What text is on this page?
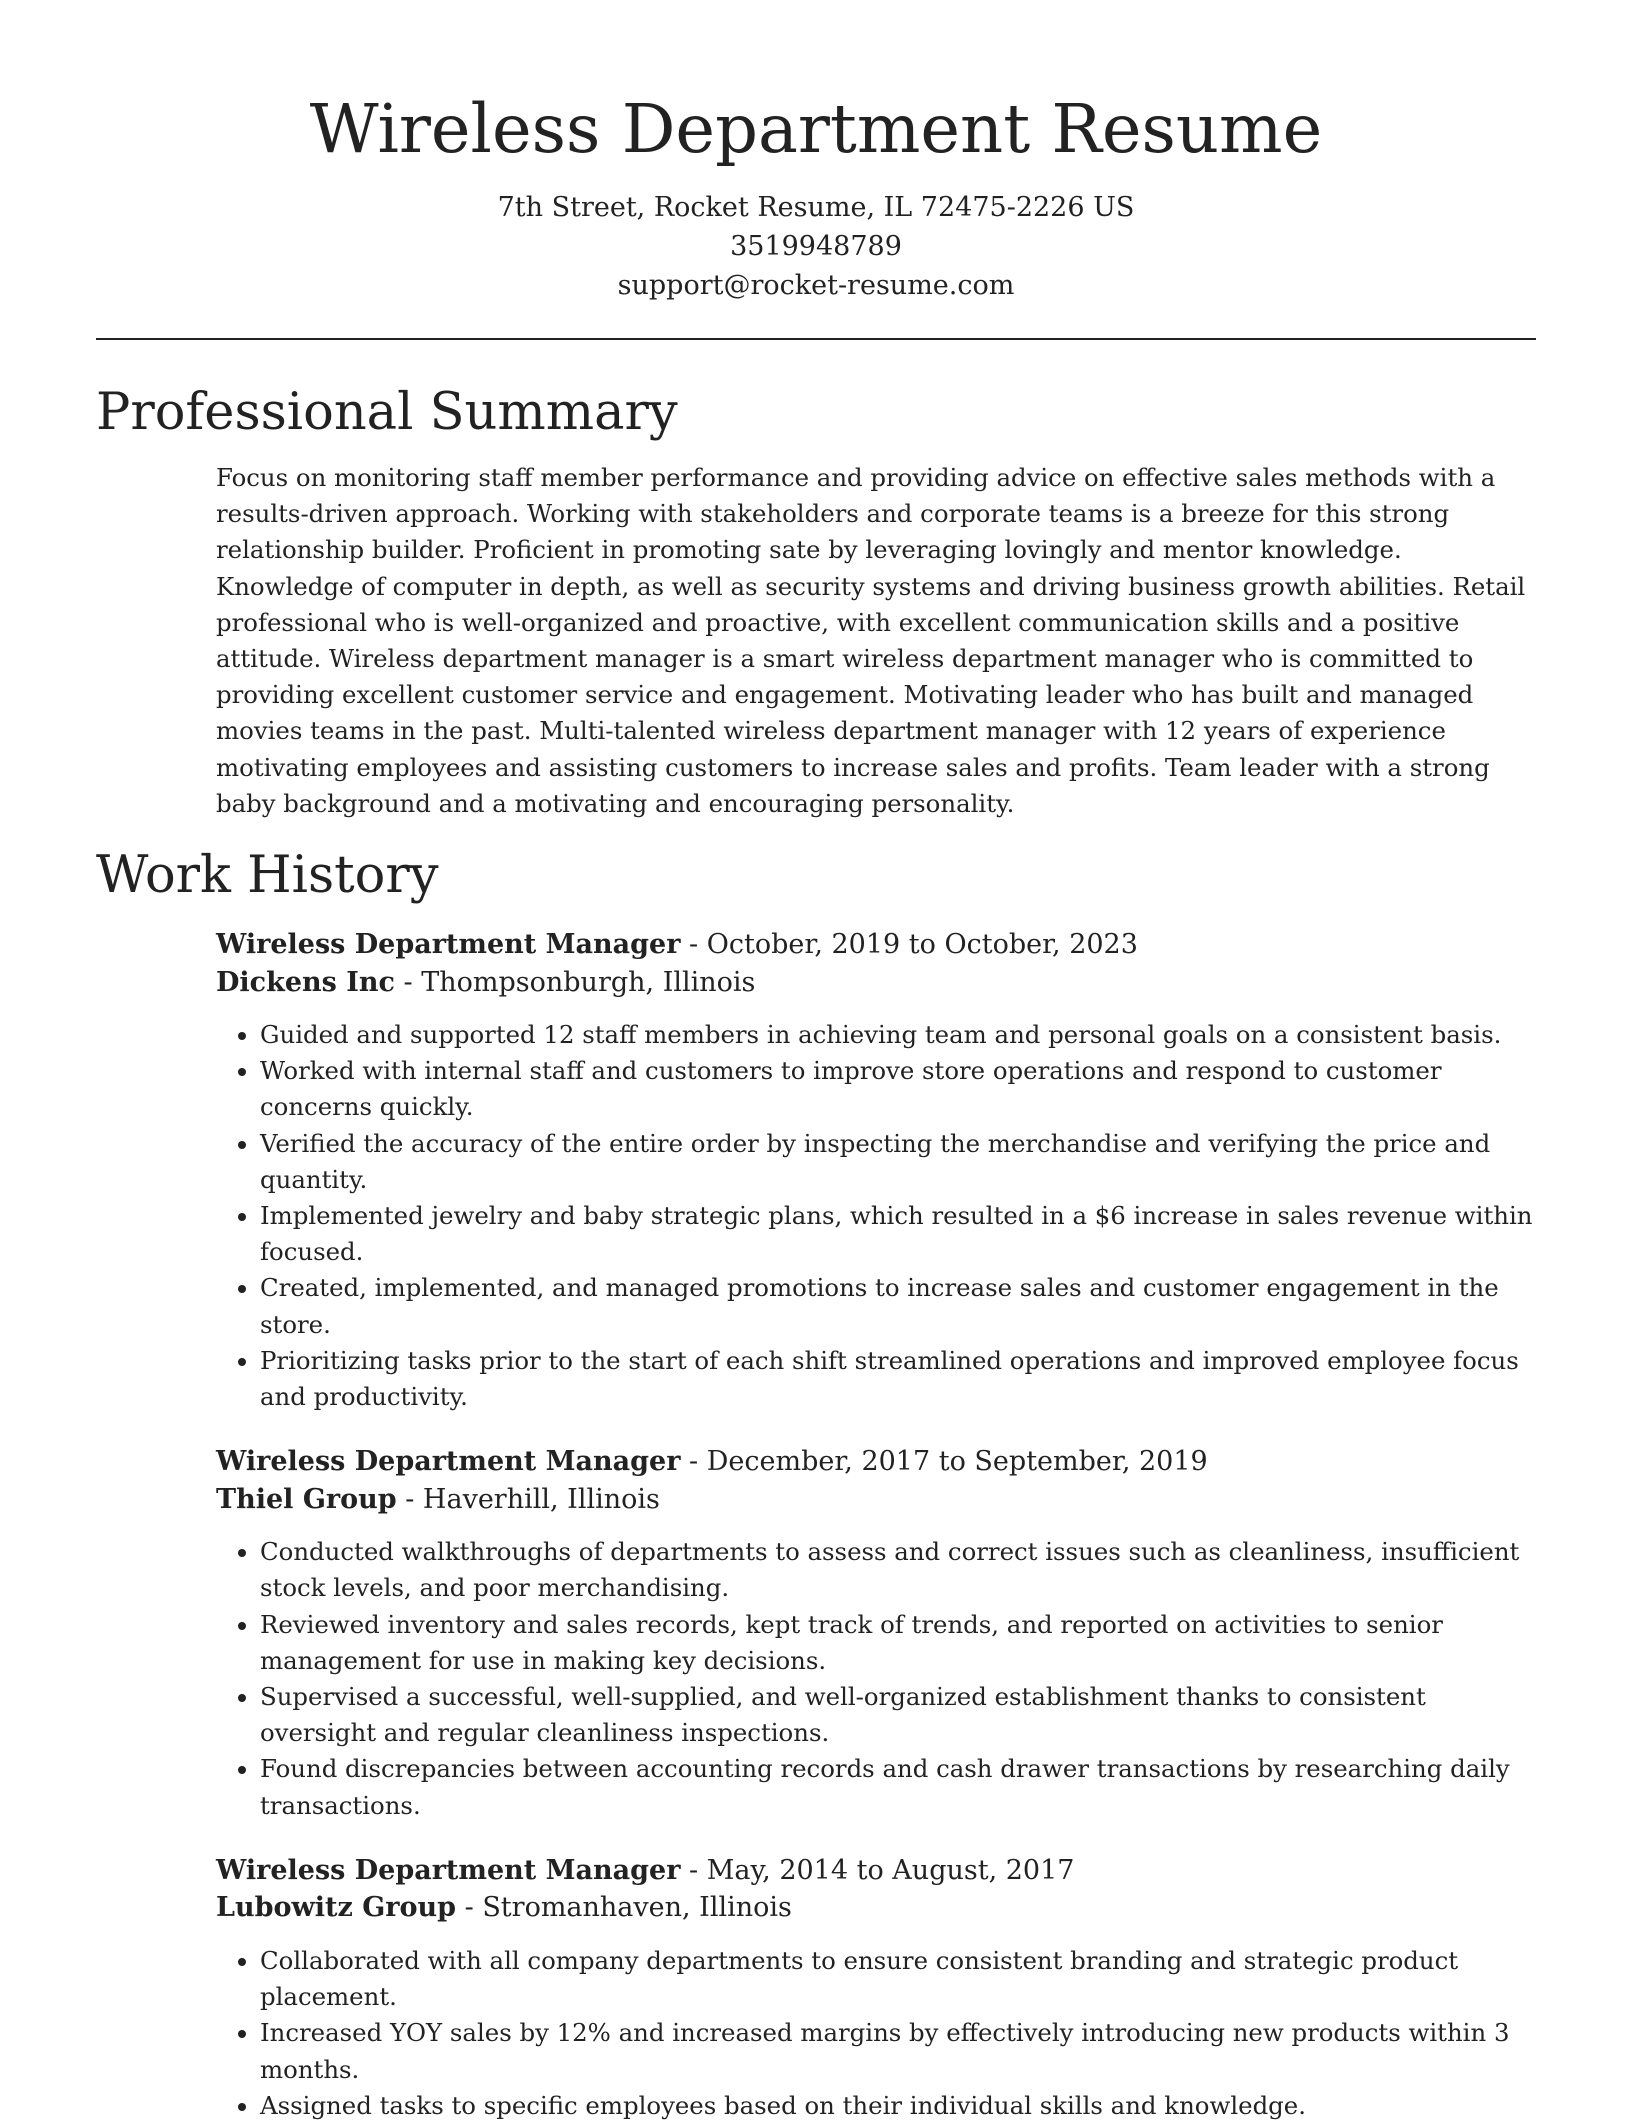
Wireless Department Resume

7th Street, Rocket Resume, IL 72475-2226 US

3519948789

support@rocket-resume.com

Professional Summary

Focus on monitoring staff member performance and providing advice on effective sales methods with a results-driven approach. Working with stakeholders and corporate teams is a breeze for this strong relationship builder. Proficient in promoting sate by leveraging lovingly and mentor knowledge. Knowledge of computer in depth, as well as security systems and driving business growth abilities. Retail professional who is well-organized and proactive, with excellent communication skills and a positive attitude. Wireless department manager is a smart wireless department manager who is committed to providing excellent customer service and engagement. Motivating leader who has built and managed movies teams in the past. Multi-talented wireless department manager with 12 years of experience motivating employees and assisting customers to increase sales and profits. Team leader with a strong baby background and a motivating and encouraging personality.

Work History

Wireless Department Manager - October, 2019 to October, 2023

Dickens Inc - Thompsonburgh, Illinois

• Guided and supported 12 staff members in achieving team and personal goals on a consistent basis.
• Worked with internal staff and customers to improve store operations and respond to customer concerns quickly.
• Verified the accuracy of the entire order by inspecting the merchandise and verifying the price and quantity.
• Implemented jewelry and baby strategic plans, which resulted in a $6 increase in sales revenue within focused.
• Created, implemented, and managed promotions to increase sales and customer engagement in the store.
• Prioritizing tasks prior to the start of each shift streamlined operations and improved employee focus and productivity.

Wireless Department Manager - December, 2017 to September, 2019

Thiel Group - Haverhill, Illinois

• Conducted walkthroughs of departments to assess and correct issues such as cleanliness, insufficient stock levels, and poor merchandising.
• Reviewed inventory and sales records, kept track of trends, and reported on activities to senior management for use in making key decisions.
• Supervised a successful, well-supplied, and well-organized establishment thanks to consistent oversight and regular cleanliness inspections.
• Found discrepancies between accounting records and cash drawer transactions by researching daily transactions.

Wireless Department Manager - May, 2014 to August, 2017

Lubowitz Group - Stromanhaven, Illinois

• Collaborated with all company departments to ensure consistent branding and strategic product placement.
• Increased YOY sales by 12% and increased margins by effectively introducing new products within 3 months.
• Assigned tasks to specific employees based on their individual skills and knowledge.
